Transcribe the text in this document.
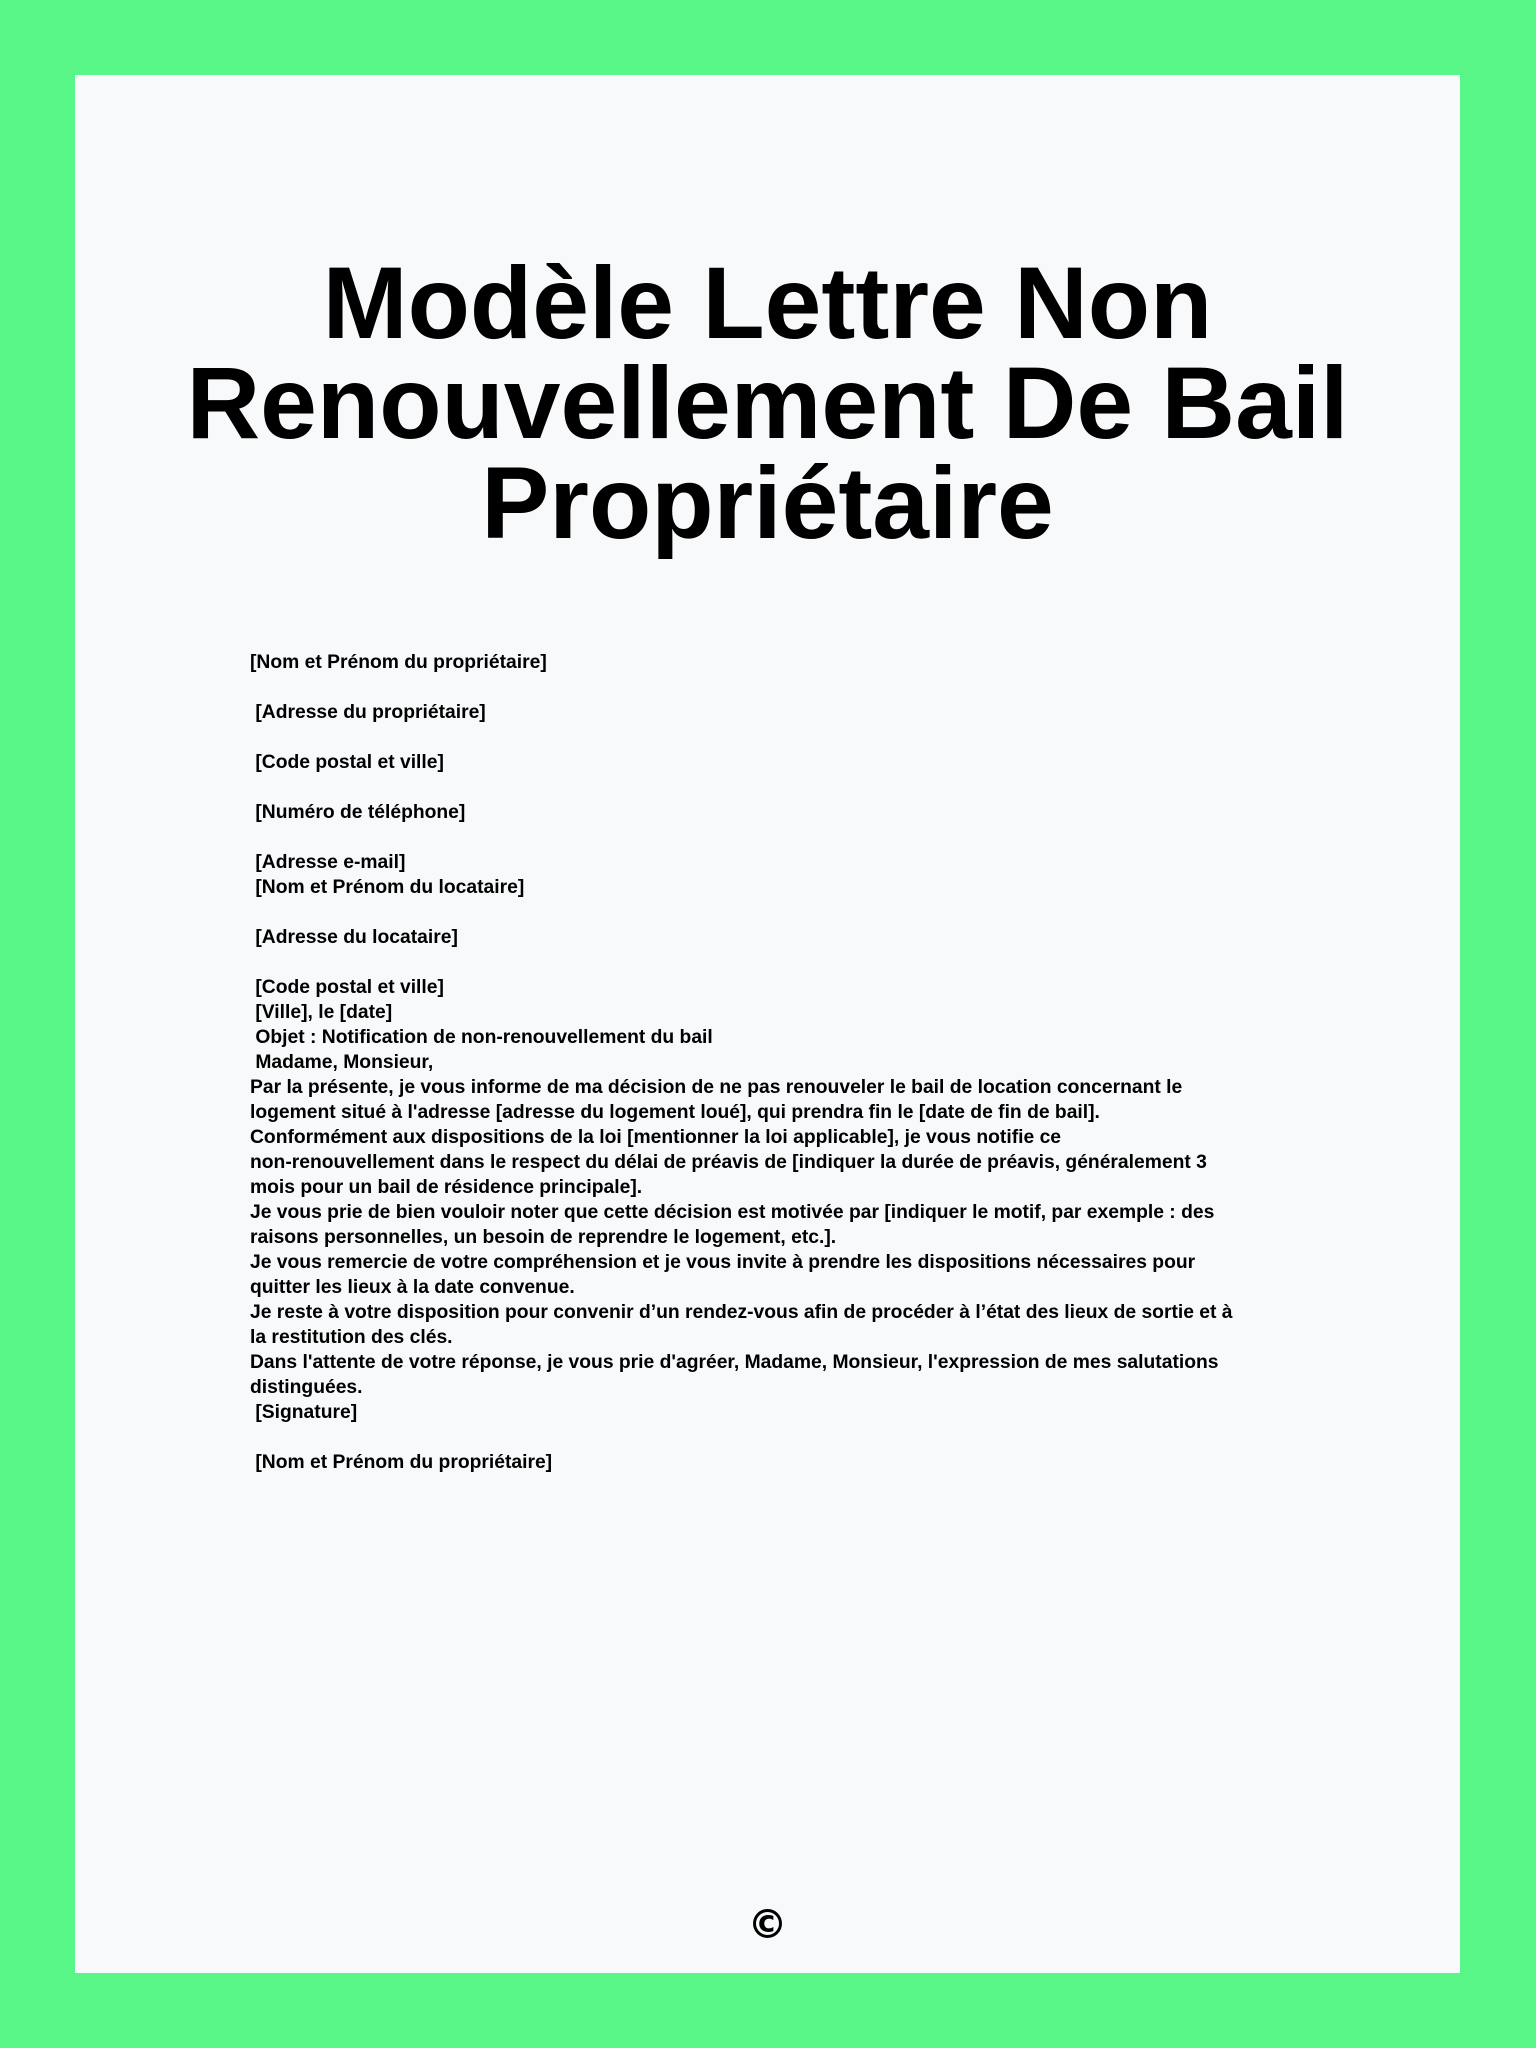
Modèle Lettre Non
Renouvellement De Bail
Propriétaire
[Nom et Prénom du propriétaire]
[Adresse du propriétaire]
[Code postal et ville]
[Numéro de téléphone]
[Adresse e-mail]
[Nom et Prénom du locataire]
[Adresse du locataire]
[Code postal et ville]
[Ville], le [date]
Objet : Notification de non-renouvellement du bail
Madame, Monsieur,
Par la présente, je vous informe de ma décision de ne pas renouveler le bail de location concernant le
logement situé à l'adresse [adresse du logement loué], qui prendra fin le [date de fin de bail].
Conformément aux dispositions de la loi [mentionner la loi applicable], je vous notifie ce
non-renouvellement dans le respect du délai de préavis de [indiquer la durée de préavis, généralement 3
mois pour un bail de résidence principale].
Je vous prie de bien vouloir noter que cette décision est motivée par [indiquer le motif, par exemple : des
raisons personnelles, un besoin de reprendre le logement, etc.].
Je vous remercie de votre compréhension et je vous invite à prendre les dispositions nécessaires pour
quitter les lieux à la date convenue.
Je reste à votre disposition pour convenir d’un rendez-vous afin de procéder à l’état des lieux de sortie et à
la restitution des clés.
Dans l'attente de votre réponse, je vous prie d'agréer, Madame, Monsieur, l'expression de mes salutations
distinguées.
[Signature]
[Nom et Prénom du propriétaire]
©
